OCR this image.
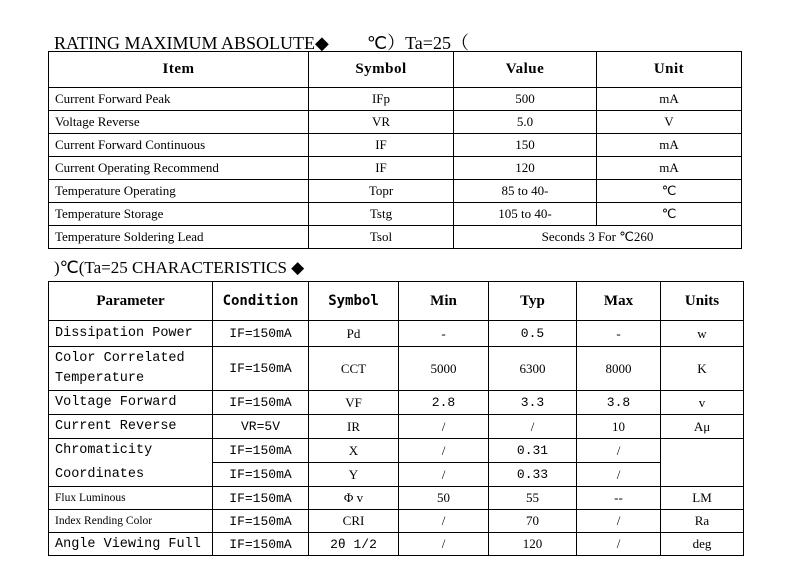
RATING MAXIMUM ABSOLUTE◆ ℃）Ta=25（
Item	Symbol	Value	Unit
Current Forward Peak	IFp	500	mA
Voltage Reverse	VR	5.0	V
Current Forward Continuous	IF	150	mA
Current Operating Recommend	IF	120	mA
Temperature Operating	Topr	85 to 40-	℃
Temperature Storage	Tstg	105 to 40-	℃
Temperature Soldering Lead	Tsol	Seconds 3 For ℃260	
)℃(Ta=25 CHARACTERISTICS ◆
Parameter	Condition	Symbol	Min	Typ	Max	Units
Dissipation Power	IF=150mA	Pd	-	0.5	-	w
Color Correlated Temperature	IF=150mA	CCT	5000	6300	8000	K
Voltage Forward	IF=150mA	VF	2.8	3.3	3.8	v
Current Reverse	VR=5V	IR	/	/	10	Aμ
Chromaticity	IF=150mA	X	/	0.31	/	
Coordinates	IF=150mA	Y	/	0.33	/	
Flux Luminous	IF=150mA	Φ v	50	55	--	LM
Index Rending Color	IF=150mA	CRI	/	70	/	Ra
Angle Viewing Full	IF=150mA	2θ 1/2	/	120	/	deg
